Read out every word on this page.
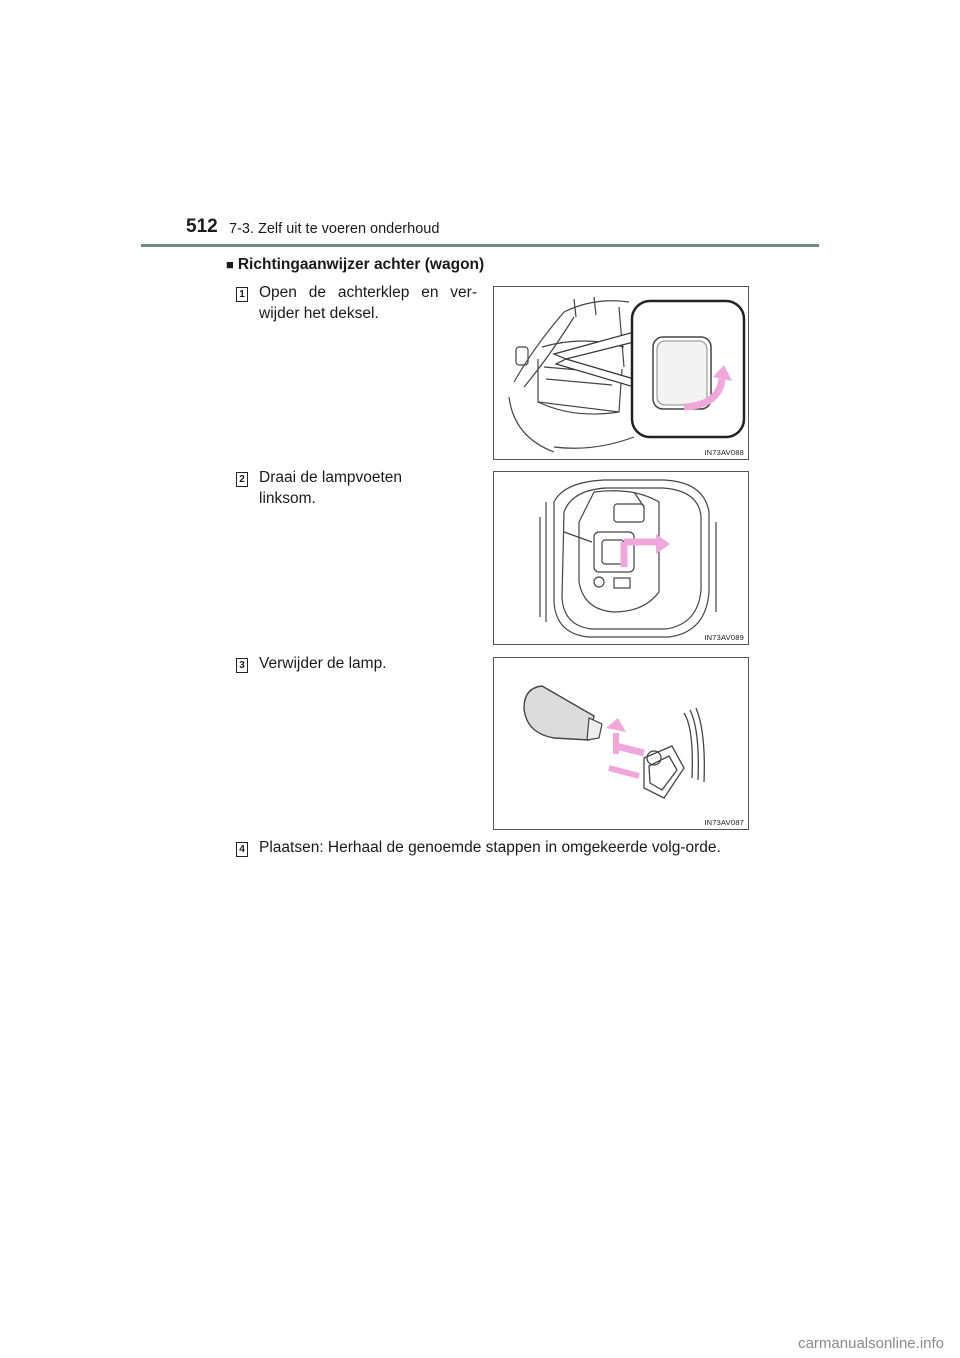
512 7-3. Zelf uit te voeren onderhoud
■ Richtingaanwijzer achter (wagon)
1 Open de achterklep en ver-wijder het deksel.
IN73AV088
2 Draai de lampvoeten linksom.
IN73AV089
3 Verwijder de lamp.
IN73AV087
4 Plaatsen: Herhaal de genoemde stappen in omgekeerde volg-orde.
carmanualsonline.info
